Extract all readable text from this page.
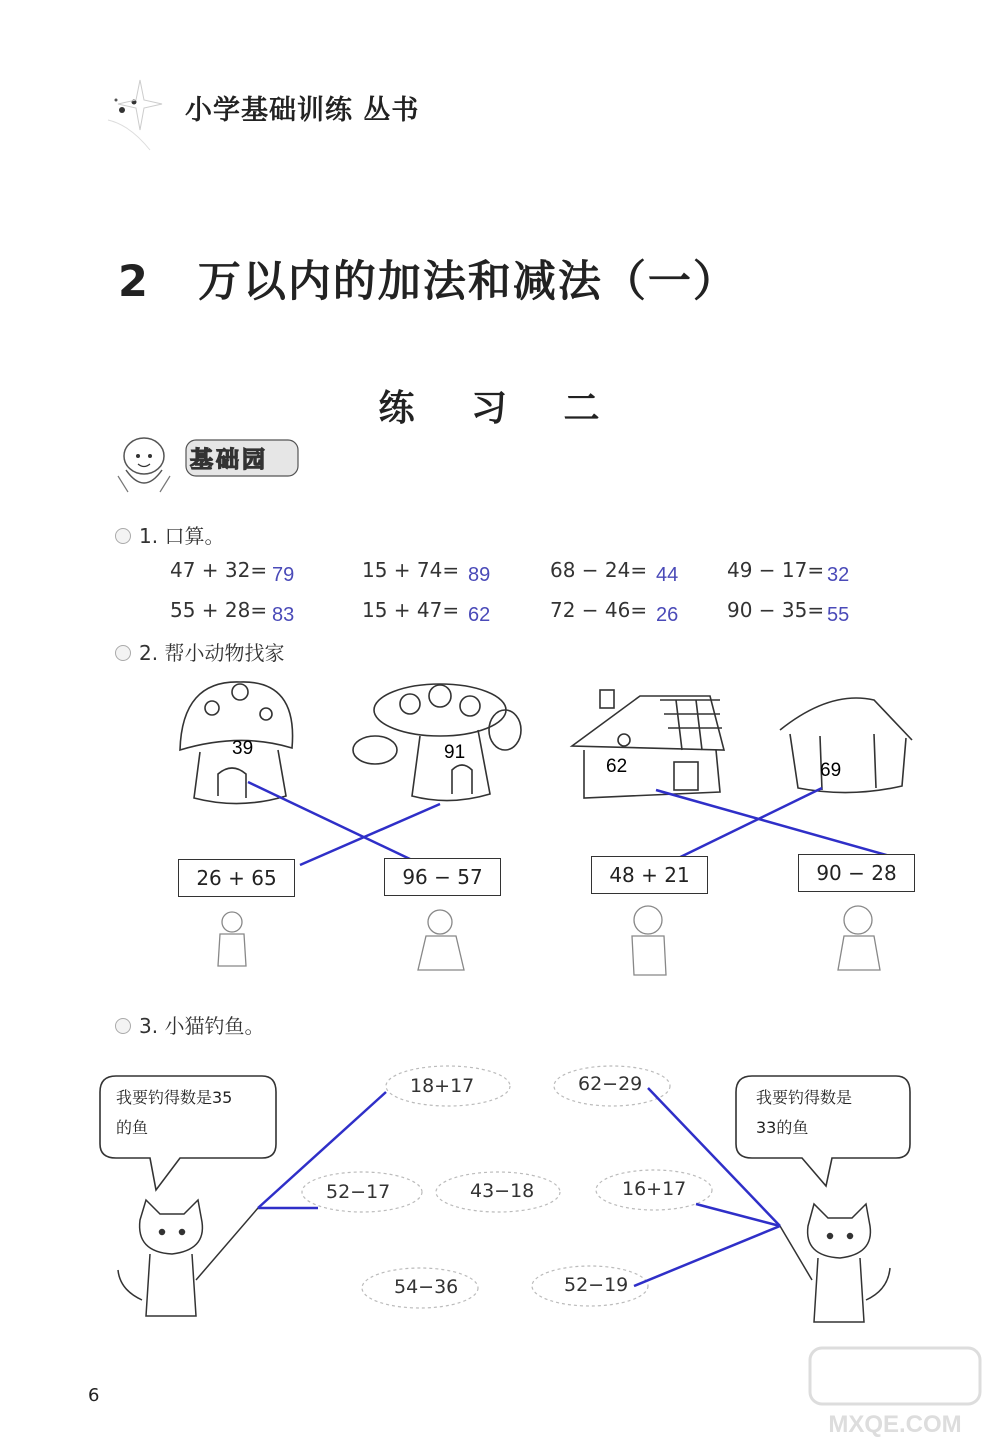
小学基础训练 丛书
2 万以内的加法和减法（一）
练 习 二
基础园
1. 口算。
47 + 32= 79	15 + 74= 89	68 − 24= 44 49 − 17= 32
55 + 28= 83	15 + 47= 62	72 − 46= 26 90 − 35= 55
2. 帮小动物找家
39	91
62	69
26 + 65	96 − 57	48 + 21	90 − 28
3. 小猫钓鱼。
我要钓得数是35
的鱼
我要钓得数是
33的鱼
18+17	62−29
52−17	43−18	16+17
54−36	52−19
6
MXQE.COM
